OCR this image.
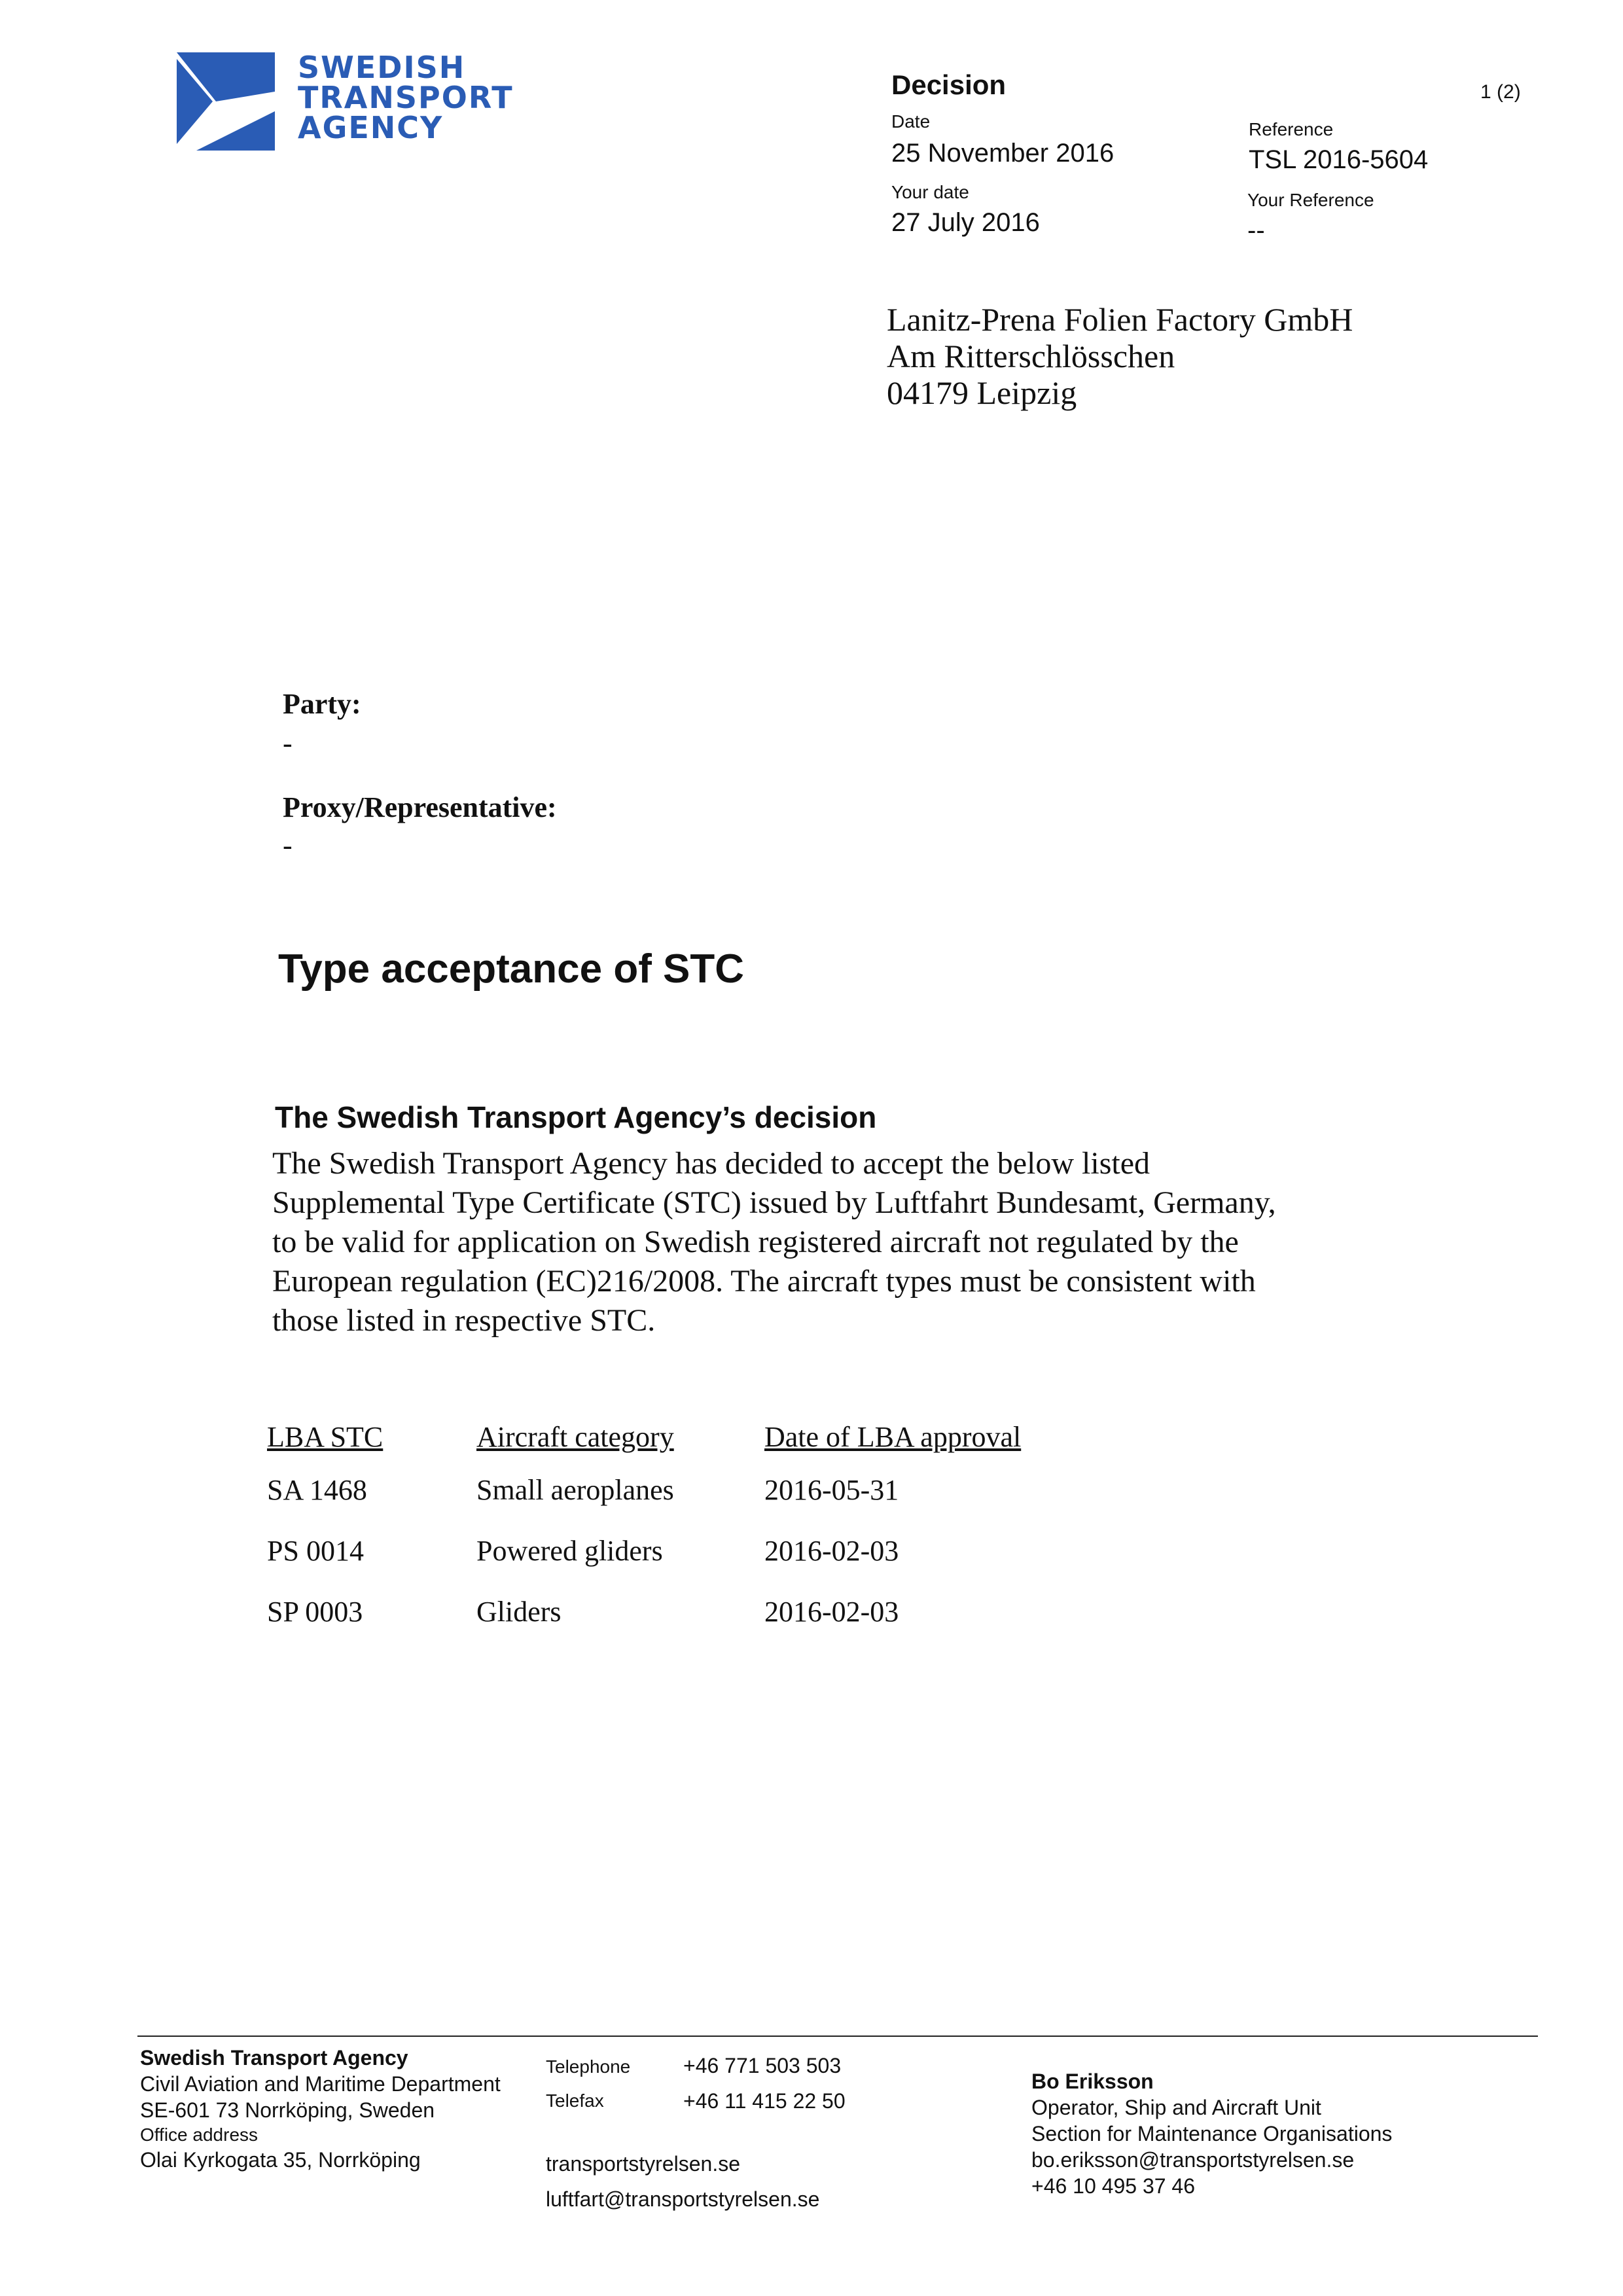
SWEDISH
TRANSPORT
AGENCY
1 (2)
Decision
Date
25 November 2016
Reference
TSL 2016-5604
Your date
27 July 2016
Your Reference
--
Lanitz-Prena Folien Factory GmbH
Am Ritterschlösschen
04179 Leipzig
Party:
-
Proxy/Representative:
-
Type acceptance of STC
The Swedish Transport Agency’s decision
The Swedish Transport Agency has decided to accept the below listed Supplemental Type Certificate (STC) issued by Luftfahrt Bundesamt, Germany, to be valid for application on Swedish registered aircraft not regulated by the European regulation (EC)216/2008. The aircraft types must be consistent with those listed in respective STC.
LBA STC	Aircraft category	Date of LBA approval
SA 1468	Small aeroplanes	2016-05-31
PS 0014	Powered gliders	2016-02-03
SP 0003	Gliders	2016-02-03
Swedish Transport Agency
Civil Aviation and Maritime Department
SE-601 73 Norrköping, Sweden
Office address
Olai Kyrkogata 35, Norrköping
Telephone	+46 771 503 503
Telefax	+46 11 415 22 50
transportstyrelsen.se
luftfart@transportstyrelsen.se
Bo Eriksson
Operator, Ship and Aircraft Unit
Section for Maintenance Organisations
bo.eriksson@transportstyrelsen.se
+46 10 495 37 46
